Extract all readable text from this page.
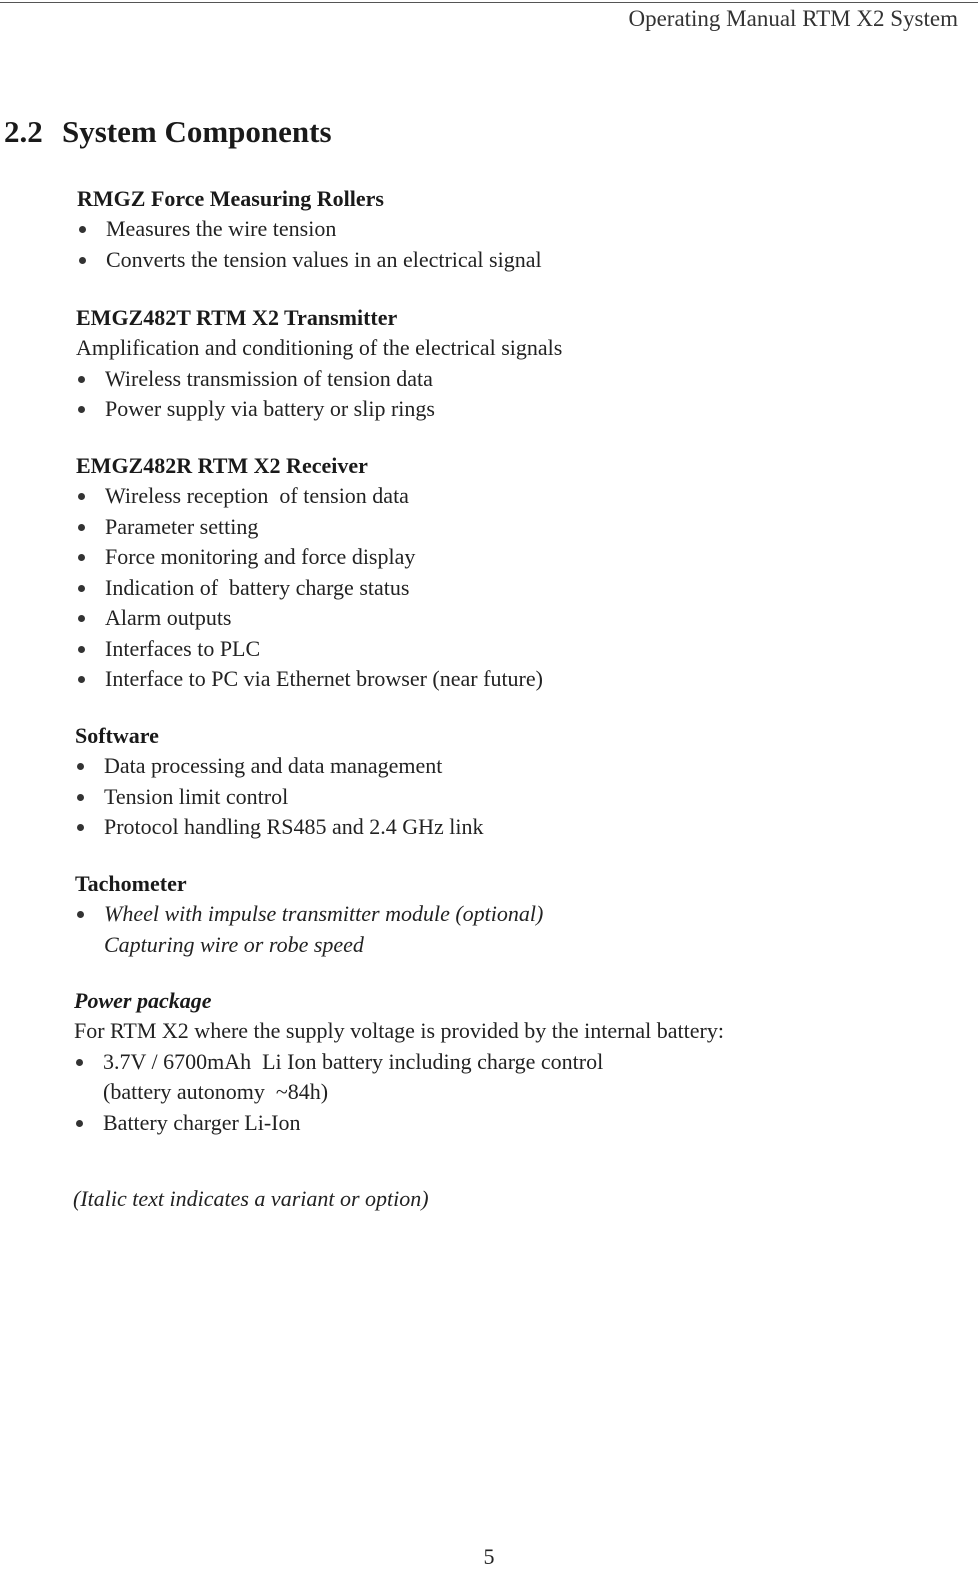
Operating Manual RTM X2 System
2.2 System Components
RMGZ Force Measuring Rollers
Measures the wire tension
Converts the tension values in an electrical signal
EMGZ482T RTM X2 Transmitter

Amplification and conditioning of the electrical signals

Wireless transmission of tension data
Power supply via battery or slip rings
EMGZ482R RTM X2 Receiver
Wireless reception  of tension data
Parameter setting
Force monitoring and force display
Indication of  battery charge status
Alarm outputs
Interfaces to PLC
Interface to PC via Ethernet browser (near future)
Software
Data processing and data management
Tension limit control
Protocol handling RS485 and 2.4 GHz link
Tachometer
Wheel with impulse transmitter module (optional)
Capturing wire or robe speed
Power package

For RTM X2 where the supply voltage is provided by the internal battery:

3.7V / 6700mAh  Li Ion battery including charge control
(battery autonomy  ~84h)
Battery charger Li-Ion
(Italic text indicates a variant or option)
5
